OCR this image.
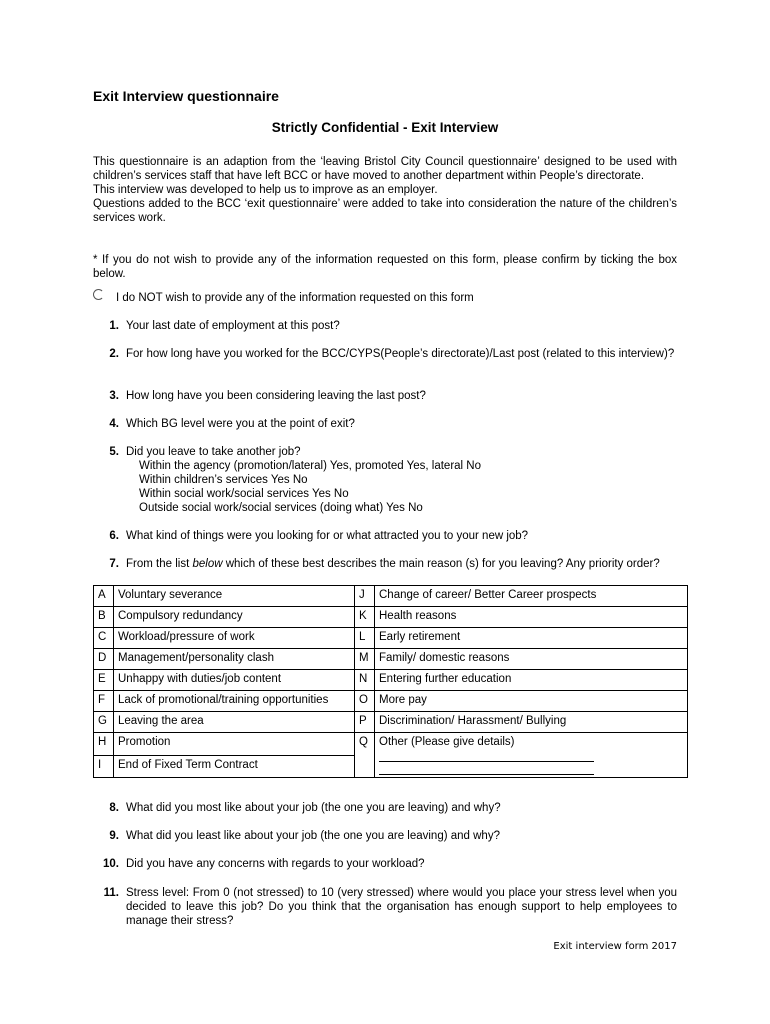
Exit Interview questionnaire
Strictly Confidential - Exit Interview

This questionnaire is an adaption from the ‘leaving Bristol City Council questionnaire’ designed to be used with children’s services staff that have left BCC or have moved to another department within People’s directorate.

This interview was developed to help us to improve as an employer.

Questions added to the BCC ‘exit questionnaire’ were added to take into consideration the nature of the children’s services work.

* If you do not wish to provide any of the information requested on this form, please confirm by ticking the box below.
I do NOT wish to provide any of the information requested on this form
1. Your last date of employment at this post?
2. For how long have you worked for the BCC/CYPS(People’s directorate)/Last post (related to this interview)?
3. How long have you been considering leaving the last post?
4. Which BG level were you at the point of exit?
5. Did you leave to take another job?
Within the agency (promotion/lateral) Yes, promoted Yes, lateral No
Within children’s services Yes No
Within social work/social services Yes No
Outside social work/social services (doing what) Yes No
6. What kind of things were you looking for or what attracted you to your new job?
7. From the list below which of these best describes the main reason (s) for you leaving? Any priority order?
A	Voluntary severance	J	Change of career/ Better Career prospects
B	Compulsory redundancy	K	Health reasons
C	Workload/pressure of work	L	Early retirement
D	Management/personality clash	M	Family/ domestic reasons
E	Unhappy with duties/job content	N	Entering further education
F	Lack of promotional/training opportunities	O	More pay
G	Leaving the area	P	Discrimination/ Harassment/ Bullying
H	Promotion	Q	Other (Please give details)

I	End of Fixed Term Contract		
8. What did you most like about your job (the one you are leaving) and why?
9. What did you least like about your job (the one you are leaving) and why?
10. Did you have any concerns with regards to your workload?
11. Stress level: From 0 (not stressed) to 10 (very stressed) where would you place your stress level when you decided to leave this job? Do you think that the organisation has enough support to help employees to manage their stress?
Exit interview form 2017
